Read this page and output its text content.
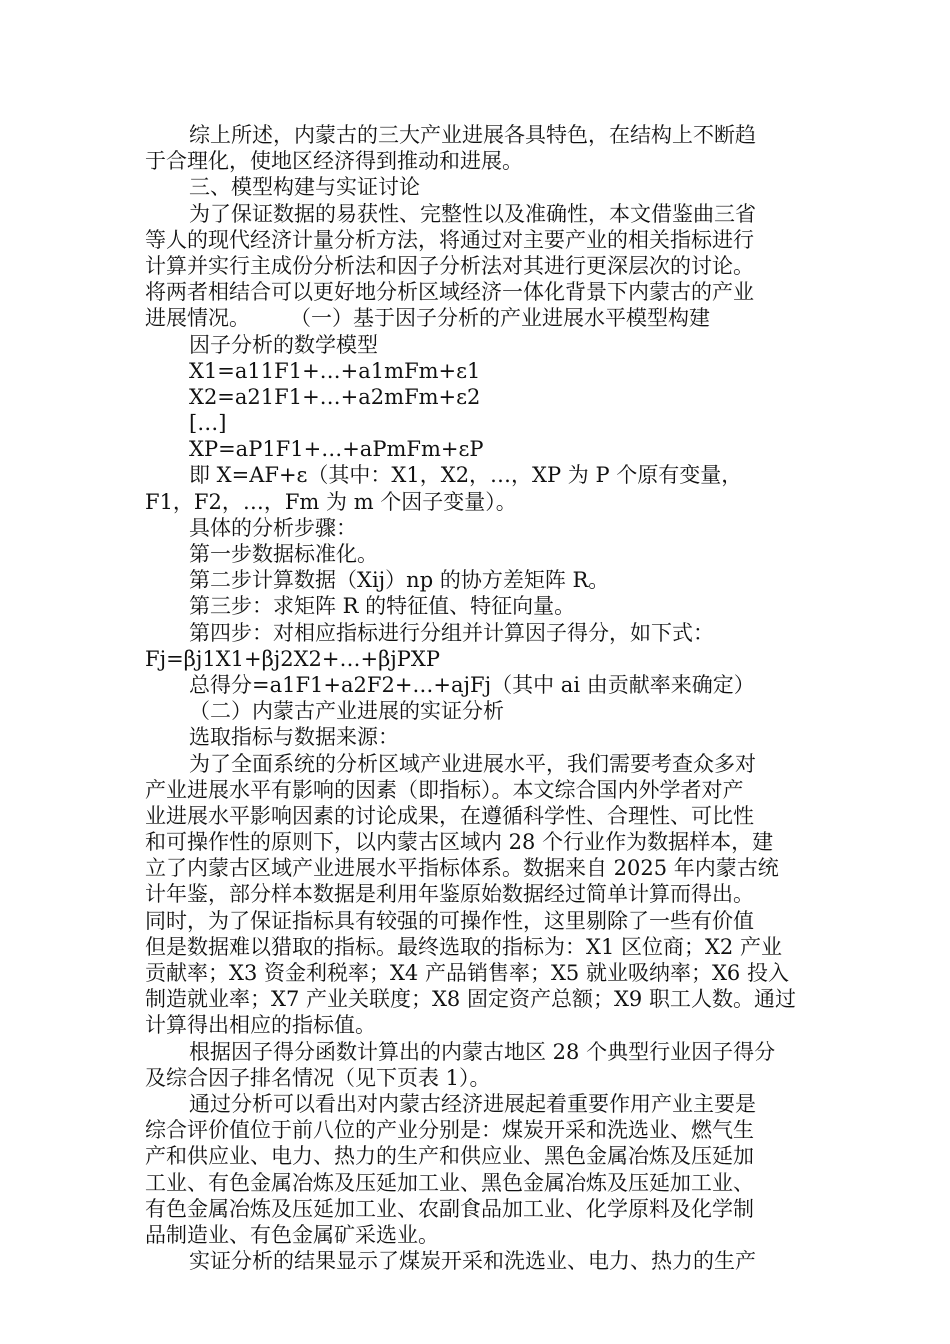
综上所述，内蒙古的三大产业进展各具特色，在结构上不断趋
于合理化，使地区经济得到推动和进展。
三、模型构建与实证讨论
为了保证数据的易获性、完整性以及准确性，本文借鉴曲三省
等人的现代经济计量分析方法，将通过对主要产业的相关指标进行
计算并实行主成份分析法和因子分析法对其进行更深层次的讨论。
将两者相结合可以更好地分析区域经济一体化背景下内蒙古的产业
进展情况。 （一）基于因子分析的产业进展水平模型构建
因子分析的数学模型
X1=a11F1+…+a1mFm+ε1
X2=a21F1+…+a2mFm+ε2
[…]
XP=aP1F1+…+aPmFm+εP
即 X=AF+ε（其中：X1，X2，…，XP 为 P 个原有变量，
F1，F2，…，Fm 为 m 个因子变量）。
具体的分析步骤：
第一步数据标准化。
第二步计算数据（Xij）np 的协方差矩阵 R。
第三步：求矩阵 R 的特征值、特征向量。
第四步：对相应指标进行分组并计算因子得分，如下式：
Fj=βj1X1+βj2X2+…+βjPXP
总得分=a1F1+a2F2+…+ajFj（其中 ai 由贡献率来确定）
（二）内蒙古产业进展的实证分析
选取指标与数据来源：
为了全面系统的分析区域产业进展水平，我们需要考查众多对
产业进展水平有影响的因素（即指标）。本文综合国内外学者对产
业进展水平影响因素的讨论成果，在遵循科学性、合理性、可比性
和可操作性的原则下，以内蒙古区域内 28 个行业作为数据样本，建
立了内蒙古区域产业进展水平指标体系。数据来自 2025 年内蒙古统
计年鉴，部分样本数据是利用年鉴原始数据经过简单计算而得出。
同时，为了保证指标具有较强的可操作性，这里剔除了一些有价值
但是数据难以猎取的指标。最终选取的指标为：X1 区位商；X2 产业
贡献率；X3 资金利税率；X4 产品销售率；X5 就业吸纳率；X6 投入
制造就业率；X7 产业关联度；X8 固定资产总额；X9 职工人数。通过
计算得出相应的指标值。
根据因子得分函数计算出的内蒙古地区 28 个典型行业因子得分
及综合因子排名情况（见下页表 1）。
通过分析可以看出对内蒙古经济进展起着重要作用产业主要是
综合评价值位于前八位的产业分别是：煤炭开采和洗选业、燃气生
产和供应业、电力、热力的生产和供应业、黑色金属冶炼及压延加
工业、有色金属冶炼及压延加工业、黑色金属冶炼及压延加工业、
有色金属冶炼及压延加工业、农副食品加工业、化学原料及化学制
品制造业、有色金属矿采选业。
实证分析的结果显示了煤炭开采和洗选业、电力、热力的生产
